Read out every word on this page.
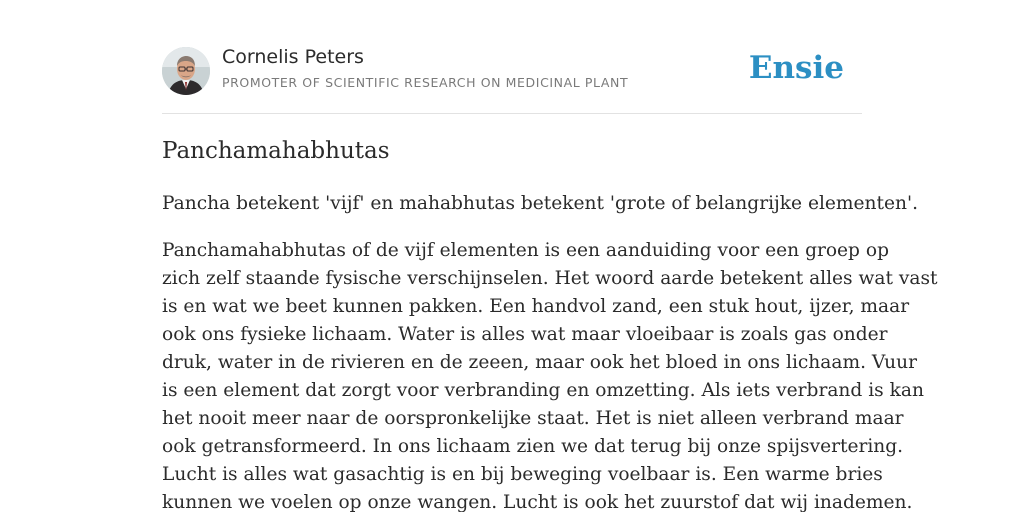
Cornelis Peters
PROMOTER OF SCIENTIFIC RESEARCH ON MEDICINAL PLANT	Ensie
Panchamahabhutas

Pancha betekent 'vijf' en mahabhutas betekent 'grote of belangrijke elementen'.

Panchamahabhutas of de vijf elementen is een aanduiding voor een groep op
zich zelf staande fysische verschijnselen. Het woord aarde betekent alles wat vast
is en wat we beet kunnen pakken. Een handvol zand, een stuk hout, ijzer, maar
ook ons fysieke lichaam. Water is alles wat maar vloeibaar is zoals gas onder
druk, water in de rivieren en de zeeen, maar ook het bloed in ons lichaam. Vuur
is een element dat zorgt voor verbranding en omzetting. Als iets verbrand is kan
het nooit meer naar de oorspronkelijke staat. Het is niet alleen verbrand maar
ook getransformeerd. In ons lichaam zien we dat terug bij onze spijsvertering.
Lucht is alles wat gasachtig is en bij beweging voelbaar is. Een warme bries
kunnen we voelen op onze wangen. Lucht is ook het zuurstof dat wij inademen.
